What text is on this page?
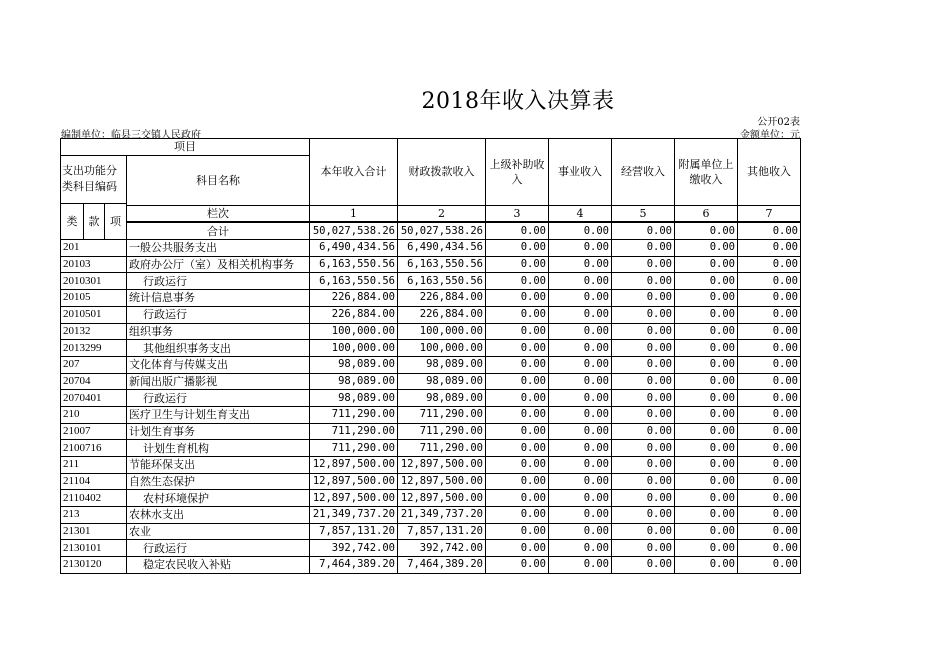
2018年收入决算表
公开02表
编制单位：临县三交镇人民政府	金额单位：元
项目				本年收入合计	财政拨款收入	上级补助收入	事业收入	经营收入	附属单位上缴收入	其他收入
支出功能分类科目编码			科目名称							
类	款	项								
			栏次	1	2	3	4	5	6	7
			合计	50,027,538.26	50,027,538.26	0.00	0.00	0.00	0.00	0.00
201			一般公共服务支出	6,490,434.56	6,490,434.56	0.00	0.00	0.00	0.00	0.00
20103			政府办公厅（室）及相关机构事务	6,163,550.56	6,163,550.56	0.00	0.00	0.00	0.00	0.00
2010301			行政运行	6,163,550.56	6,163,550.56	0.00	0.00	0.00	0.00	0.00
20105			统计信息事务	226,884.00	226,884.00	0.00	0.00	0.00	0.00	0.00
2010501			行政运行	226,884.00	226,884.00	0.00	0.00	0.00	0.00	0.00
20132			组织事务	100,000.00	100,000.00	0.00	0.00	0.00	0.00	0.00
2013299			其他组织事务支出	100,000.00	100,000.00	0.00	0.00	0.00	0.00	0.00
207			文化体育与传媒支出	98,089.00	98,089.00	0.00	0.00	0.00	0.00	0.00
20704			新闻出版广播影视	98,089.00	98,089.00	0.00	0.00	0.00	0.00	0.00
2070401			行政运行	98,089.00	98,089.00	0.00	0.00	0.00	0.00	0.00
210			医疗卫生与计划生育支出	711,290.00	711,290.00	0.00	0.00	0.00	0.00	0.00
21007			计划生育事务	711,290.00	711,290.00	0.00	0.00	0.00	0.00	0.00
2100716			计划生育机构	711,290.00	711,290.00	0.00	0.00	0.00	0.00	0.00
211			节能环保支出	12,897,500.00	12,897,500.00	0.00	0.00	0.00	0.00	0.00
21104			自然生态保护	12,897,500.00	12,897,500.00	0.00	0.00	0.00	0.00	0.00
2110402			农村环境保护	12,897,500.00	12,897,500.00	0.00	0.00	0.00	0.00	0.00
213			农林水支出	21,349,737.20	21,349,737.20	0.00	0.00	0.00	0.00	0.00
21301			农业	7,857,131.20	7,857,131.20	0.00	0.00	0.00	0.00	0.00
2130101			行政运行	392,742.00	392,742.00	0.00	0.00	0.00	0.00	0.00
2130120			稳定农民收入补贴	7,464,389.20	7,464,389.20	0.00	0.00	0.00	0.00	0.00
